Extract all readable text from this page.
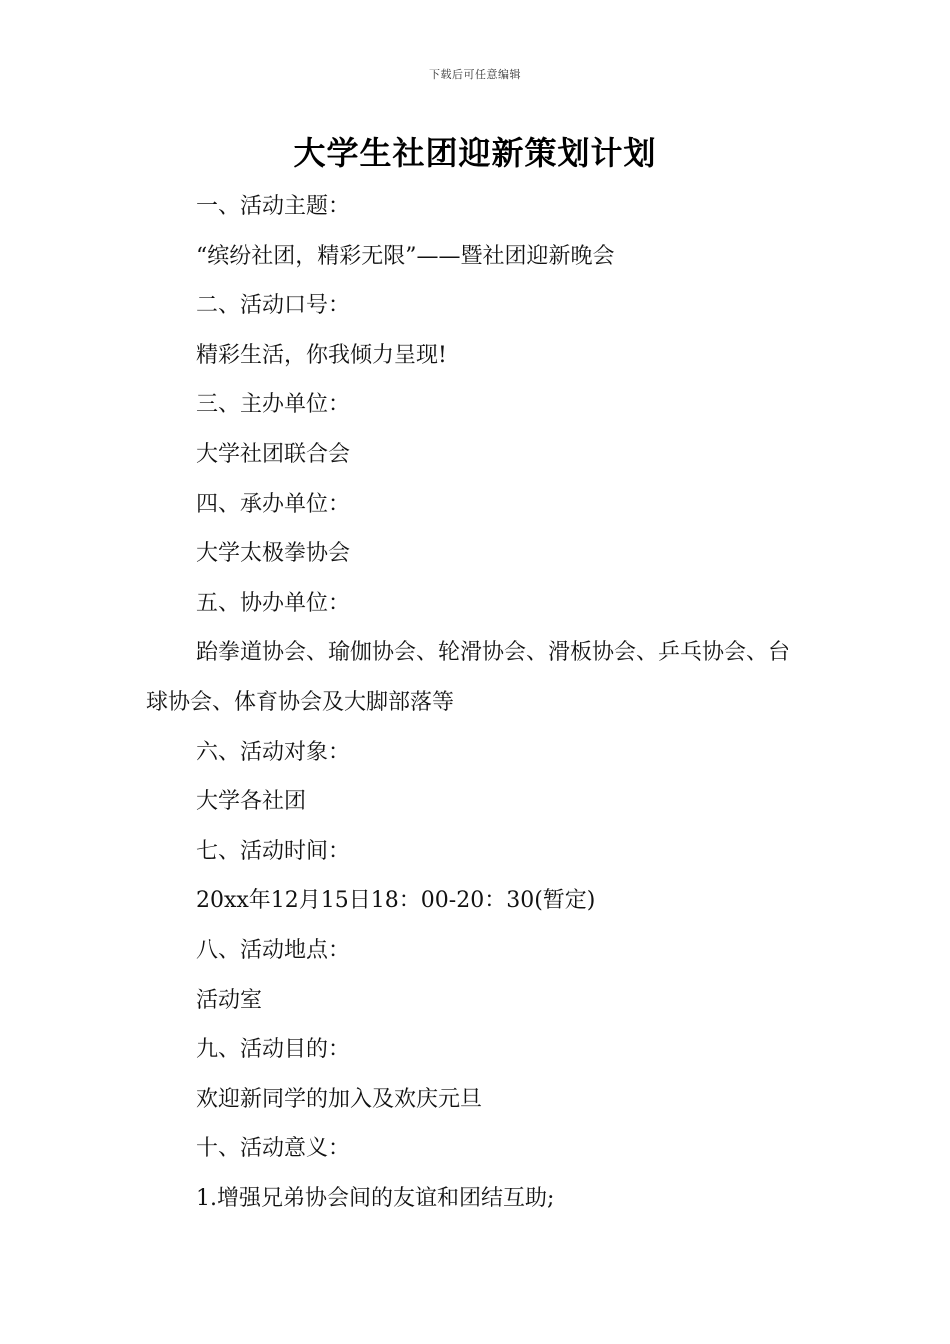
下载后可任意编辑
大学生社团迎新策划计划
一、活动主题：
“缤纷社团，精彩无限”——暨社团迎新晚会
二、活动口号：
精彩生活，你我倾力呈现!
三、主办单位：
大学社团联合会
四、承办单位：
大学太极拳协会
五、协办单位：
跆拳道协会、瑜伽协会、轮滑协会、滑板协会、乒乓协会、台球协会、体育协会及大脚部落等
六、活动对象：
大学各社团
七、活动时间：
20xx年12月15日18：00-20：30(暂定)
八、活动地点：
活动室
九、活动目的：
欢迎新同学的加入及欢庆元旦
十、活动意义：
1.增强兄弟协会间的友谊和团结互助;
